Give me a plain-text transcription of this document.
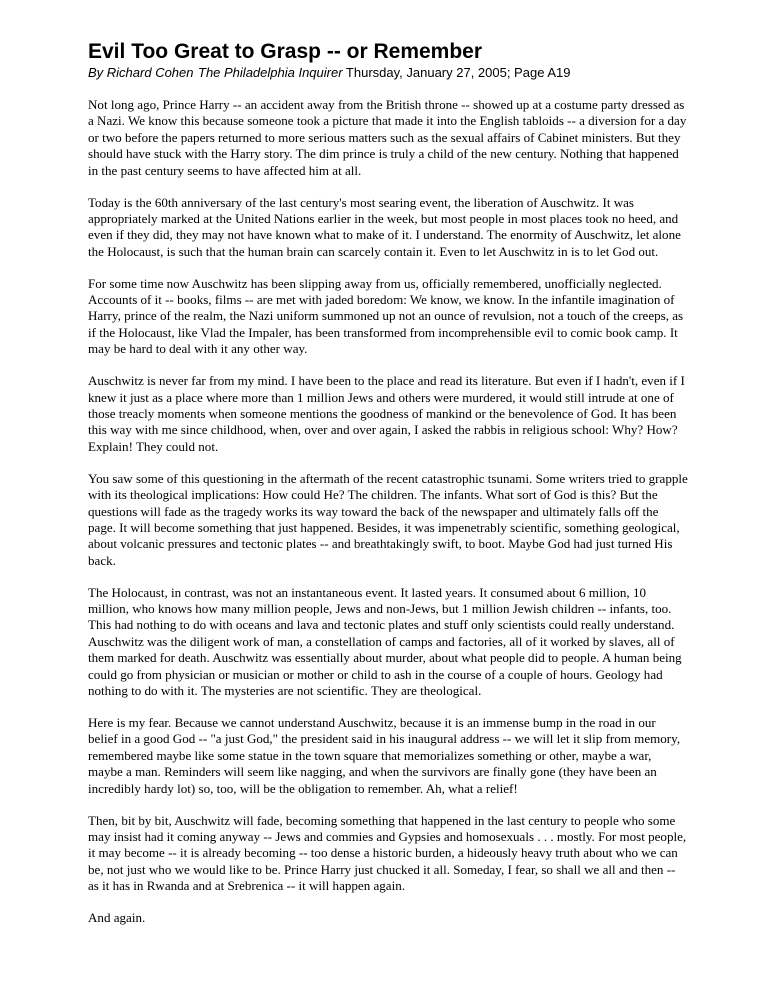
Evil Too Great to Grasp -- or Remember
By Richard Cohen The Philadelphia Inquirer Thursday, January 27, 2005; Page A19

Not long ago, Prince Harry -- an accident away from the British throne -- showed up at a costume party dressed as a Nazi. We know this because someone took a picture that made it into the English tabloids -- a diversion for a day or two before the papers returned to more serious matters such as the sexual affairs of Cabinet ministers. But they should have stuck with the Harry story. The dim prince is truly a child of the new century. Nothing that happened in the past century seems to have affected him at all.

Today is the 60th anniversary of the last century's most searing event, the liberation of Auschwitz. It was appropriately marked at the United Nations earlier in the week, but most people in most places took no heed, and even if they did, they may not have known what to make of it. I understand. The enormity of Auschwitz, let alone the Holocaust, is such that the human brain can scarcely contain it. Even to let Auschwitz in is to let God out.

For some time now Auschwitz has been slipping away from us, officially remembered, unofficially neglected. Accounts of it -- books, films -- are met with jaded boredom: We know, we know. In the infantile imagination of Harry, prince of the realm, the Nazi uniform summoned up not an ounce of revulsion, not a touch of the creeps, as if the Holocaust, like Vlad the Impaler, has been transformed from incomprehensible evil to comic book camp. It may be hard to deal with it any other way.

Auschwitz is never far from my mind. I have been to the place and read its literature. But even if I hadn't, even if I knew it just as a place where more than 1 million Jews and others were murdered, it would still intrude at one of those treacly moments when someone mentions the goodness of mankind or the benevolence of God. It has been this way with me since childhood, when, over and over again, I asked the rabbis in religious school: Why? How? Explain! They could not.

You saw some of this questioning in the aftermath of the recent catastrophic tsunami. Some writers tried to grapple with its theological implications: How could He? The children. The infants. What sort of God is this? But the questions will fade as the tragedy works its way toward the back of the newspaper and ultimately falls off the page. It will become something that just happened. Besides, it was impenetrably scientific, something geological, about volcanic pressures and tectonic plates -- and breathtakingly swift, to boot. Maybe God had just turned His back.

The Holocaust, in contrast, was not an instantaneous event. It lasted years. It consumed about 6 million, 10 million, who knows how many million people, Jews and non-Jews, but 1 million Jewish children -- infants, too. This had nothing to do with oceans and lava and tectonic plates and stuff only scientists could really understand. Auschwitz was the diligent work of man, a constellation of camps and factories, all of it worked by slaves, all of them marked for death. Auschwitz was essentially about murder, about what people did to people. A human being could go from physician or musician or mother or child to ash in the course of a couple of hours. Geology had nothing to do with it. The mysteries are not scientific. They are theological.

Here is my fear. Because we cannot understand Auschwitz, because it is an immense bump in the road in our belief in a good God -- "a just God," the president said in his inaugural address -- we will let it slip from memory, remembered maybe like some statue in the town square that memorializes something or other, maybe a war, maybe a man. Reminders will seem like nagging, and when the survivors are finally gone (they have been an incredibly hardy lot) so, too, will be the obligation to remember. Ah, what a relief!

Then, bit by bit, Auschwitz will fade, becoming something that happened in the last century to people who some may insist had it coming anyway -- Jews and commies and Gypsies and homosexuals . . . mostly. For most people, it may become -- it is already becoming -- too dense a historic burden, a hideously heavy truth about who we can be, not just who we would like to be. Prince Harry just chucked it all. Someday, I fear, so shall we all and then -- as it has in Rwanda and at Srebrenica -- it will happen again.

And again.
